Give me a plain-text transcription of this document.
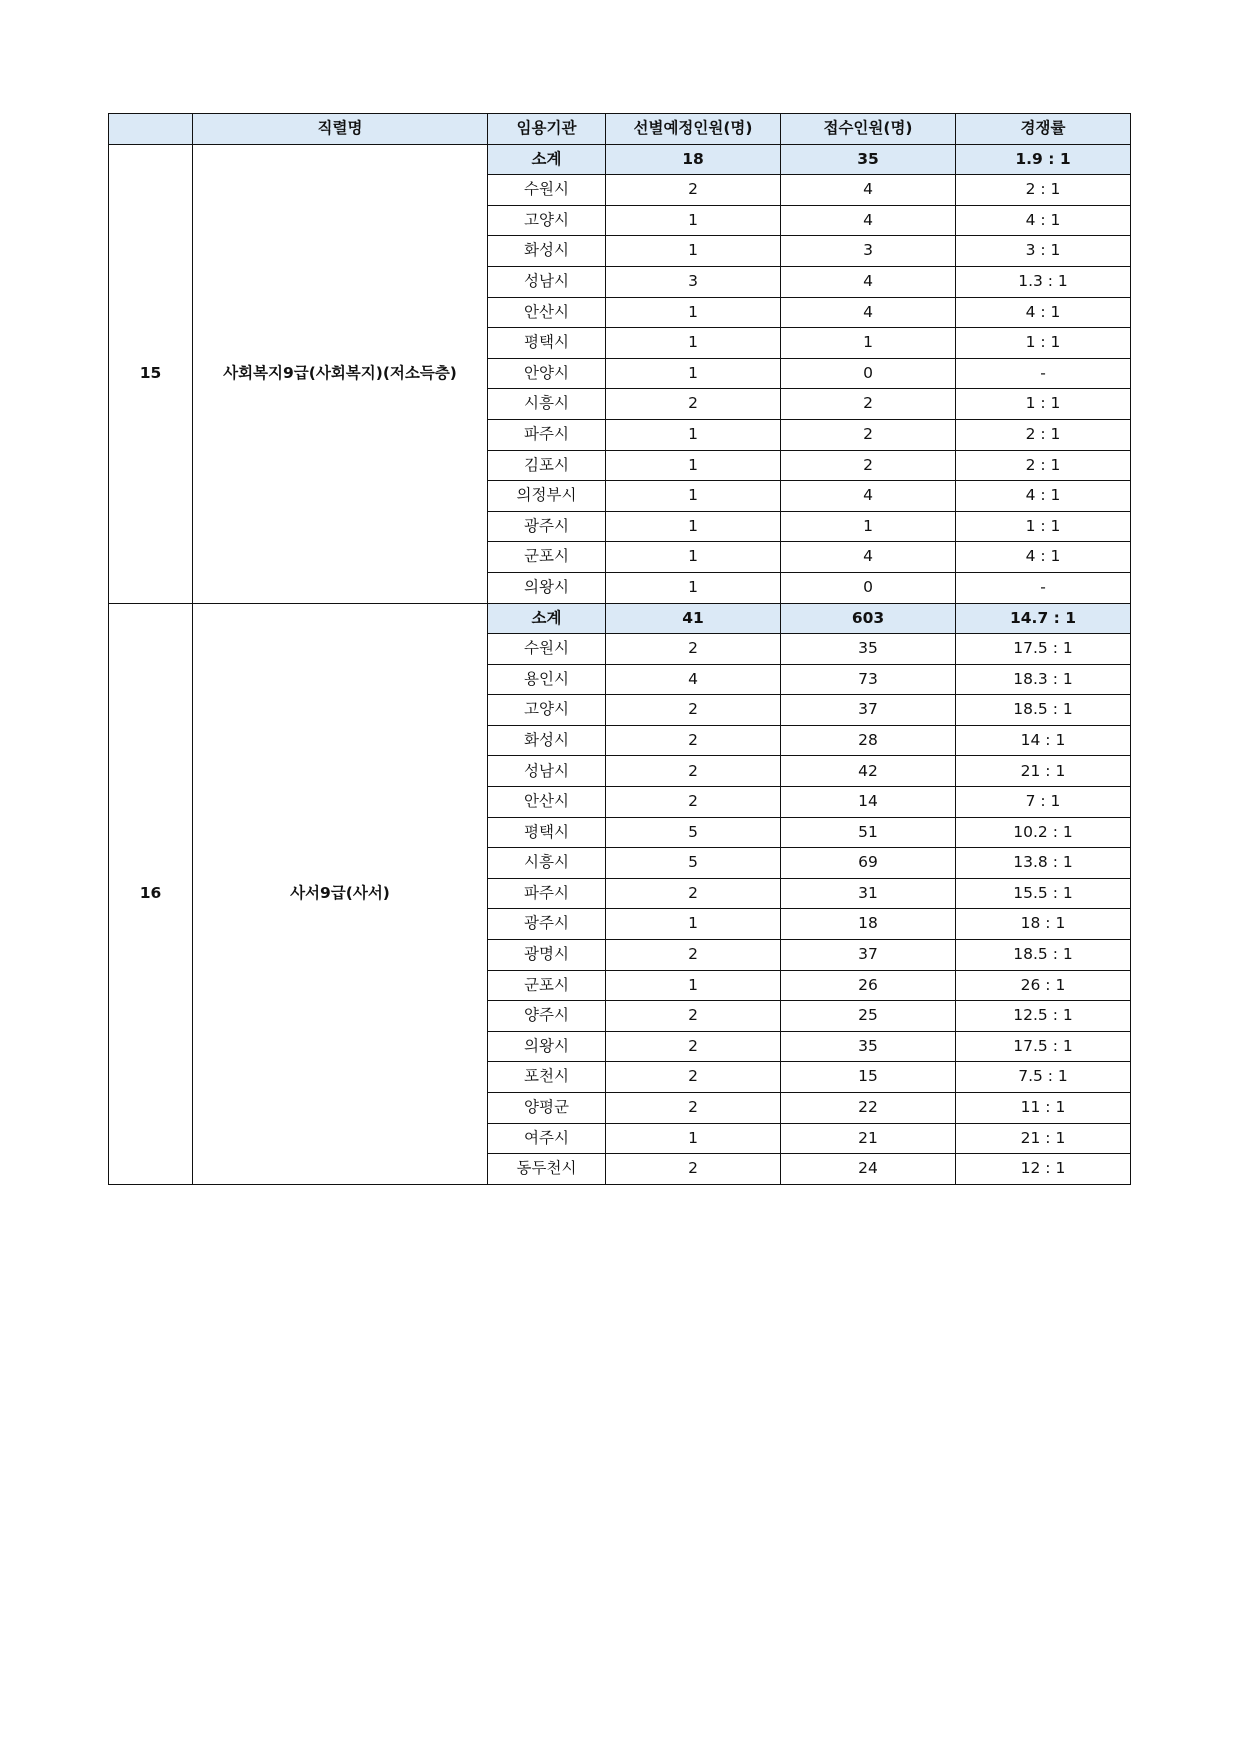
	직렬명	임용기관	선별예정인원(명)	접수인원(명)	경쟁률
15	사회복지9급(사회복지)(저소득층)	소계	18	35	1.9 : 1
		수원시	2	4	2 : 1
		고양시	1	4	4 : 1
		화성시	1	3	3 : 1
		성남시	3	4	1.3 : 1
		안산시	1	4	4 : 1
		평택시	1	1	1 : 1
		안양시	1	0	-
		시흥시	2	2	1 : 1
		파주시	1	2	2 : 1
		김포시	1	2	2 : 1
		의정부시	1	4	4 : 1
		광주시	1	1	1 : 1
		군포시	1	4	4 : 1
		의왕시	1	0	-
16	사서9급(사서)	소계	41	603	14.7 : 1
		수원시	2	35	17.5 : 1
		용인시	4	73	18.3 : 1
		고양시	2	37	18.5 : 1
		화성시	2	28	14 : 1
		성남시	2	42	21 : 1
		안산시	2	14	7 : 1
		평택시	5	51	10.2 : 1
		시흥시	5	69	13.8 : 1
		파주시	2	31	15.5 : 1
		광주시	1	18	18 : 1
		광명시	2	37	18.5 : 1
		군포시	1	26	26 : 1
		양주시	2	25	12.5 : 1
		의왕시	2	35	17.5 : 1
		포천시	2	15	7.5 : 1
		양평군	2	22	11 : 1
		여주시	1	21	21 : 1
		동두천시	2	24	12 : 1
